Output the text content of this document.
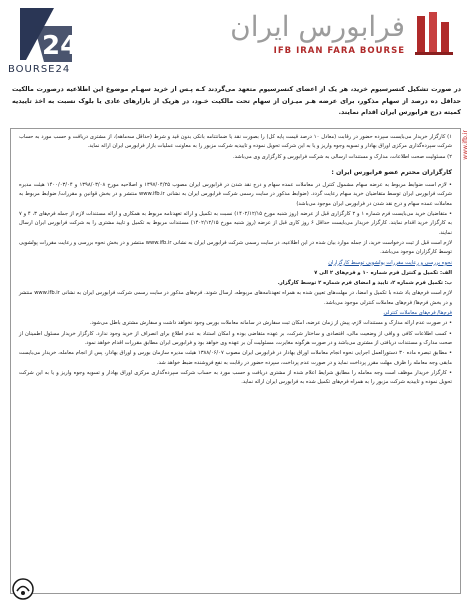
24
BOURSE24
فرابورس ایران
IFB IRAN FARA BOURSE
www.ifb.ir
در صورت تشکیل کنسرسیوم خرید، هر یک از اعضای کنسرسیوم متعهد می‌گردند کـه پـس از خرید سهـام موضوع این اطلاعیه درصورت مالکیت حداقل ده درصد از سهام مذکور، برای عرضه هـر میـزان از سهام تحت مالکیت خـود، در هریک از بازارهای عادی یا بلوک نسبت به اخذ تاییدیه کمیته درج فرابورس ایران اقدام نمایند.

۱) کارگزار خریدار می‌بایست سپرده حضور در رقابت (معادل ۱۰ درصد قیمت پایه کل) را بصورت نقد یا ضمانتنامه بانکی بدون قید و شرط (حداقل سه‌ماهه)، از مشتری دریافت و حسب مورد به حساب شرکت سپرده‌گذاری مرکزی اوراق بهادار و تسویه وجوه واریز و یا به این شرکت تحویل نموده و تاییدیه شرکت مزبور را به معاونت عملیات بازار فرابورس ایران ارائه نماید.

۲) مسئولیت صحت اطلاعات، مدارک و مستندات ارسالی به شرکت فرابورس و کارگزاری وی می‌باشد.

کارگزاران محترم عضو فرابورس ایران :

• لازم است ضوابط مربوط به عرضه سهام مشمول کنترل در معاملات عمده سهام و درج نقد شدن در فرابورس ایران مصوب ۱۳۹۷/۰۴/۲۵ و اصلاحیه مورخ ۱۳۹۸/۰۳/۰۸ و ۱۴۰۰/۰۳/۰۴ هیئت مدیره شرکت فرابورس ایران توسط متقاضیان خرید سهام رعایت گردد. (ضوابط مذکور در سایت رسمی شرکت فرابورس ایران به نشانی www.ifb.ir منتشر و در بخش قوانین و مقررات/ ضوابط مربوط به معاملات عمده سهام و درج نقد شدن در فرابورس ایران موجود می‌باشد)

• متقاضیان خرید می‌بایست فرم شماره ۱ و ۲ کارگزاری قبل از عرضه (روز شنبه مورخ ۱۴۰۲/۱۲/۱۵) نسبت به تکمیل و ارائه تعهدنامه مربوط به همکاری و ارائه مستندات لازم از جمله فرم‌های ۳، ۴ و ۷ به کارگزار خرید اقدام نمایند. کارگزار خریدار می‌بایست حداقل ۶ روز کاری قبل از عرضه (روز شنبه مورخ ۱۴۰۲/۱۲/۱۵) مستندات مربوط به تکمیل و تایید مشتری را به شرکت فرابورس ایران ارسال نمایند.

لازم است قبل از ثبت درخواست خرید، از جمله موارد بیان شده در این اطلاعیه، در سایت رسمی شرکت فرابورس ایران به نشانی www.ifb.ir منتشر و در بخش نحوه بررسی و رعایت مقررات پولشویی توسط کارگزاران موجود می‌باشد.

نحوه بررسی و رعایت مقررات پولشویی توسط کارگزاران

الف: تکمیل و کنترل فرم شماره ۱۰ و فرم‌های ۲ الی ۷

ب: تکمیل فرم شماره ۲، تایید و امضای فرم شماره ۲ توسط کارگزار.

لازم است فرم‌های یاد شده با تکمیل و امضا، در مهلت‌های تعیین شده به همراه تعهدنامه‌های مربوطه، ارسال شوند. فرم‌های مذکور در سایت رسمی شرکت فرابورس ایران به نشانی www.ifb.ir منتشر و در بخش فرم‌ها/ فرم‌های معاملات کنترلی موجود می‌باشد.

فرم‌ها/ فرم‌های معاملات کنترلی

• در صورت عدم ارائه مدارک و مستندات لازم، پیش از زمان عرضه، امکان ثبت سفارش در سامانه معاملات بورس وجود نخواهد داشت و سفارش مشتری باطل می‌شود.

• کسب اطلاعات کافی و وافی از وضعیت مالی، اقتصادی و ساختار شرکت، بر عهده متقاضی بوده و امکان استناد به عدم اطلاع برای انصراف از خرید وجود ندارد. کارگزار خریدار مسئول اطمینان از صحت مدارک و مستندات دریافتی از مشتری می‌باشد و در صورت هرگونه مغایرت، مسئولیت آن بر عهده وی خواهد بود و فرابورس ایران مطابق مقررات اقدام خواهد نمود.

• مطابق تبصره ماده ۳۰ دستورالعمل اجرایی نحوه انجام معاملات اوراق بهادار در فرابورس ایران مصوب ۱۳۸۸/۰۶/۰۷ هیئت مدیره سازمان بورس و اوراق بهادار، پس از انجام معامله، خریدار می‌بایست مابقی وجه معامله را ظرف مهلت مقرر پرداخت نماید و در صورت عدم پرداخت، سپرده حضور در رقابت به نفع فروشنده ضبط خواهد شد.

• کارگزار خریدار موظف است وجه معامله را مطابق شرایط اعلام شده از مشتری دریافت و حسب مورد به حساب شرکت سپرده‌گذاری مرکزی اوراق بهادار و تسویه وجوه واریز و یا به این شرکت تحویل نموده و تاییدیه شرکت مزبور را به همراه فرم‌های تکمیل شده به فرابورس ایران ارائه نماید.
